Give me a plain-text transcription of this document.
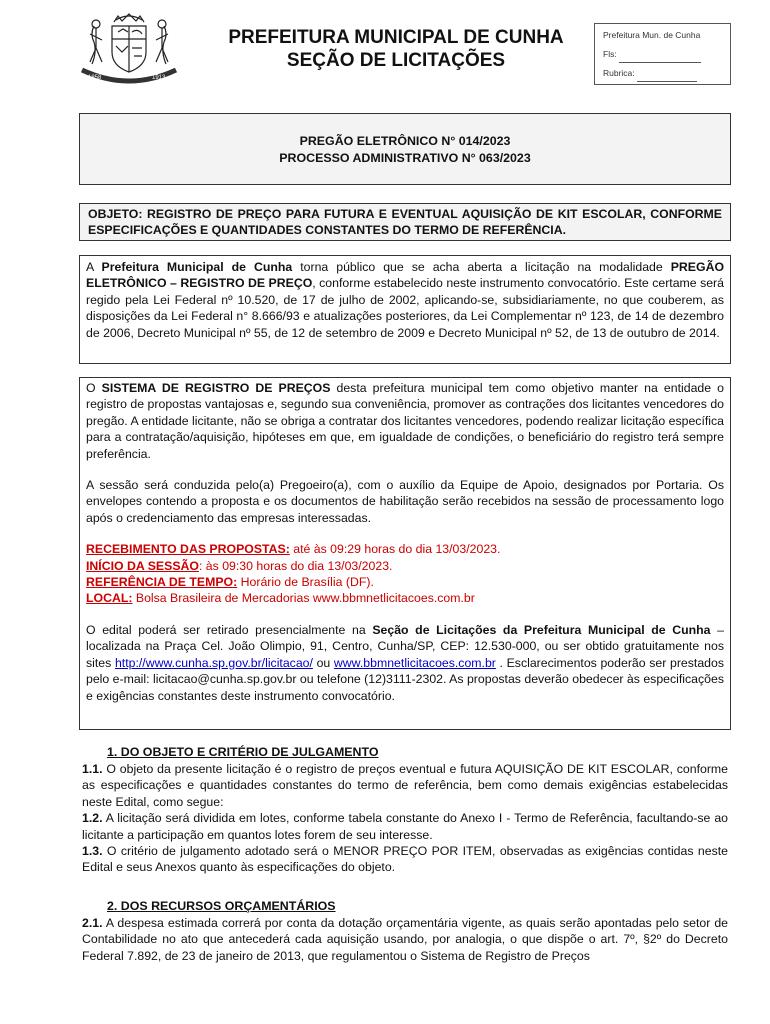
1858	1913
PREFEITURA MUNICIPAL DE CUNHA
SEÇÃO DE LICITAÇÕES
Prefeitura Mun. de Cunha
Fls:
Rubrica:
PREGÃO ELETRÔNICO N° 014/2023
PROCESSO ADMINISTRATIVO N° 063/2023

OBJETO: REGISTRO DE PREÇO PARA FUTURA E EVENTUAL AQUISIÇÃO DE KIT ESCOLAR, CONFORME ESPECIFICAÇÕES E QUANTIDADES CONSTANTES DO TERMO DE REFERÊNCIA.

A Prefeitura Municipal de Cunha torna público que se acha aberta a licitação na modalidade PREGÃO ELETRÔNICO – REGISTRO DE PREÇO, conforme estabelecido neste instrumento convocatório. Este certame será regido pela Lei Federal nº 10.520, de 17 de julho de 2002, aplicando-se, subsidiariamente, no que couberem, as disposições da Lei Federal n° 8.666/93 e atualizações posteriores, da Lei Complementar nº 123, de 14 de dezembro de 2006, Decreto Municipal nº 55, de 12 de setembro de 2009 e Decreto Municipal nº 52, de 13 de outubro de 2014.

O SISTEMA DE REGISTRO DE PREÇOS desta prefeitura municipal tem como objetivo manter na entidade o registro de propostas vantajosas e, segundo sua conveniência, promover as contrações dos licitantes vencedores do pregão. A entidade licitante, não se obriga a contratar dos licitantes vencedores, podendo realizar licitação específica para a contratação/aquisição, hipóteses em que, em igualdade de condições, o beneficiário do registro terá sempre preferência.

A sessão será conduzida pelo(a) Pregoeiro(a), com o auxílio da Equipe de Apoio, designados por Portaria. Os envelopes contendo a proposta e os documentos de habilitação serão recebidos na sessão de processamento logo após o credenciamento das empresas interessadas.

RECEBIMENTO DAS PROPOSTAS: até às 09:29 horas do dia 13/03/2023.

INÍCIO DA SESSÃO: às 09:30 horas do dia 13/03/2023.

REFERÊNCIA DE TEMPO: Horário de Brasília (DF).

LOCAL: Bolsa Brasileira de Mercadorias www.bbmnetlicitacoes.com.br

O edital poderá ser retirado presencialmente na Seção de Licitações da Prefeitura Municipal de Cunha – localizada na Praça Cel. João Olimpio, 91, Centro, Cunha/SP, CEP: 12.530-000, ou ser obtido gratuitamente nos sites http://www.cunha.sp.gov.br/licitacao/ ou www.bbmnetlicitacoes.com.br . Esclarecimentos poderão ser prestados pelo e-mail: licitacao@cunha.sp.gov.br ou telefone (12)3111-2302. As propostas deverão obedecer às especificações e exigências constantes deste instrumento convocatório.

1. DO OBJETO E CRITÉRIO DE JULGAMENTO

1.1. O objeto da presente licitação é o registro de preços eventual e futura AQUISIÇÃO DE KIT ESCOLAR, conforme as especificações e quantidades constantes do termo de referência, bem como demais exigências estabelecidas neste Edital, como segue:

1.2. A licitação será dividida em lotes, conforme tabela constante do Anexo I - Termo de Referência, facultando-se ao licitante a participação em quantos lotes forem de seu interesse.

1.3. O critério de julgamento adotado será o MENOR PREÇO POR ITEM, observadas as exigências contidas neste Edital e seus Anexos quanto às especificações do objeto.

2. DOS RECURSOS ORÇAMENTÁRIOS

2.1. A despesa estimada correrá por conta da dotação orçamentária vigente, as quais serão apontadas pelo setor de Contabilidade no ato que antecederá cada aquisição usando, por analogia, o que dispõe o art. 7º, §2º do Decreto Federal 7.892, de 23 de janeiro de 2013, que regulamentou o Sistema de Registro de Preços
